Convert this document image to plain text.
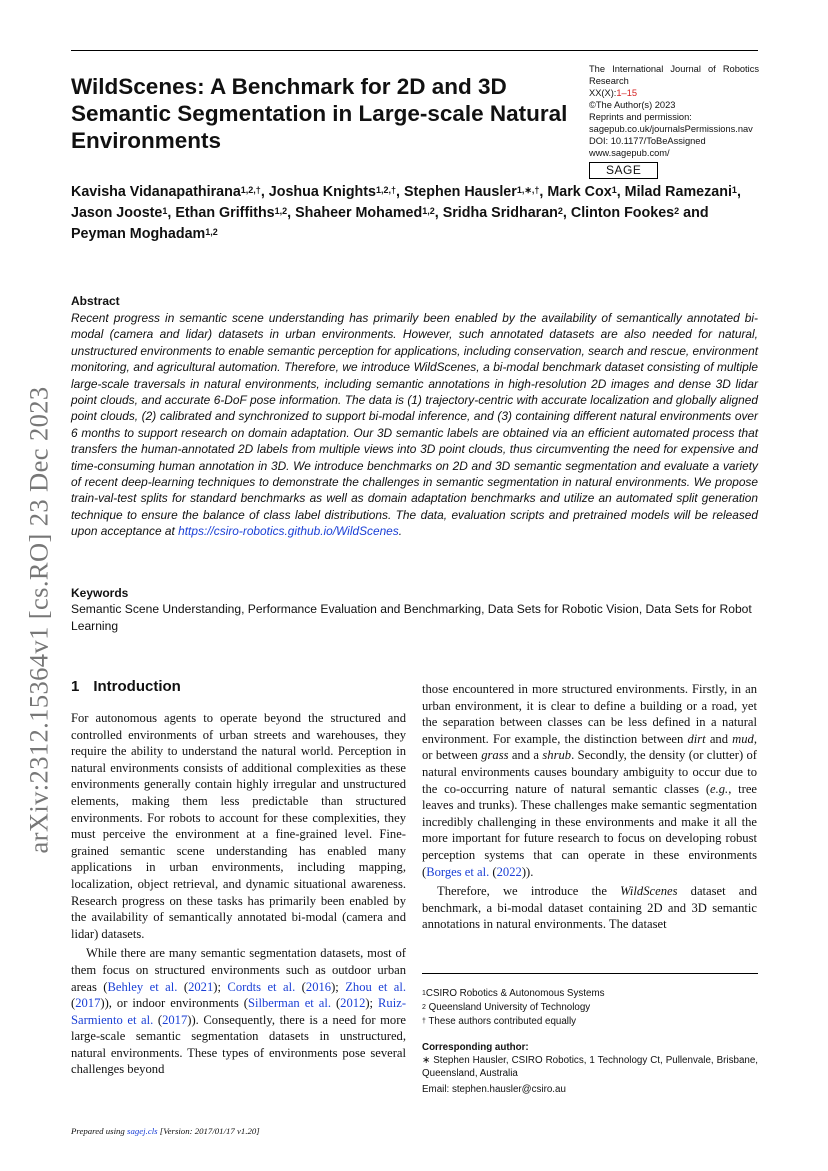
WildScenes: A Benchmark for 2D and 3D Semantic Segmentation in Large-scale Natural Environments
The International Journal of Robotics Research
XX(X):1–15
©The Author(s) 2023
Reprints and permission:
sagepub.co.uk/journalsPermissions.nav
DOI: 10.1177/ToBeAssigned
www.sagepub.com/
SAGE
Kavisha Vidanapathirana$^{1,2,\dagger}$, Joshua Knights$^{1,2,\dagger}$, Stephen Hausler$^{1,∗,\dagger}$, Mark Cox$^1$, Milad Ramezani$^1$, Jason Jooste$^1$, Ethan Griffiths$^{1,2}$, Shaheer Mohamed$^{1,2}$, Sridha Sridharan$^2$, Clinton Fookes$^2$ and Peyman Moghadam$^{1,2}$
arXiv:2312.15364v1 [cs.RO] 23 Dec 2023
Abstract
Recent progress in semantic scene understanding has primarily been enabled by the availability of semantically annotated bi-modal (camera and lidar) datasets in urban environments. However, such annotated datasets are also needed for natural, unstructured environments to enable semantic perception for applications, including conservation, search and rescue, environment monitoring, and agricultural automation. Therefore, we introduce WildScenes, a bi-modal benchmark dataset consisting of multiple large-scale traversals in natural environments, including semantic annotations in high-resolution 2D images and dense 3D lidar point clouds, and accurate 6-DoF pose information. The data is (1) trajectory-centric with accurate localization and globally aligned point clouds, (2) calibrated and synchronized to support bi-modal inference, and (3) containing different natural environments over 6 months to support research on domain adaptation. Our 3D semantic labels are obtained via an efficient automated process that transfers the human-annotated 2D labels from multiple views into 3D point clouds, thus circumventing the need for expensive and time-consuming human annotation in 3D. We introduce benchmarks on 2D and 3D semantic segmentation and evaluate a variety of recent deep-learning techniques to demonstrate the challenges in semantic segmentation in natural environments. We propose train-val-test splits for standard benchmarks as well as domain adaptation benchmarks and utilize an automated split generation technique to ensure the balance of class label distributions. The data, evaluation scripts and pretrained models will be released upon acceptance at https://csiro-robotics.github.io/WildScenes.
Keywords
Semantic Scene Understanding, Performance Evaluation and Benchmarking, Data Sets for Robotic Vision, Data Sets for Robot Learning
1 Introduction

For autonomous agents to operate beyond the structured and controlled environments of urban streets and warehouses, they require the ability to understand the natural world. Perception in natural environments consists of additional complexities as these environments generally contain highly irregular and unstructured elements, making them less predictable than structured environments. For robots to account for these complexities, they must perceive the environment at a fine-grained level. Fine-grained semantic scene understanding has enabled many applications in urban environments, including mapping, localization, object retrieval, and dynamic situational awareness. Research progress on these tasks has primarily been enabled by the availability of semantically annotated bi-modal (camera and lidar) datasets.

While there are many semantic segmentation datasets, most of them focus on structured environments such as outdoor urban areas (Behley et al. (2021); Cordts et al. (2016); Zhou et al. (2017)), or indoor environments (Silberman et al. (2012); Ruiz-Sarmiento et al. (2017)). Consequently, there is a need for more large-scale semantic segmentation datasets in unstructured, natural environments. These types of environments pose several challenges beyond

those encountered in more structured environments. Firstly, in an urban environment, it is clear to define a building or a road, yet the separation between classes can be less defined in a natural environment. For example, the distinction between dirt and mud, or between grass and a shrub. Secondly, the density (or clutter) of natural environments causes boundary ambiguity to occur due to the co-occurring nature of natural semantic classes (e.g., tree leaves and trunks). These challenges make semantic segmentation incredibly challenging in these environments and make it all the more important for future research to focus on developing robust perception systems that can operate in these environments (Borges et al. (2022)).

Therefore, we introduce the WildScenes dataset and benchmark, a bi-modal dataset containing 2D and 3D semantic annotations in natural environments. The dataset

$^1$CSIRO Robotics & Autonomous Systems
$^2$ Queensland University of Technology
† These authors contributed equally
Corresponding author:
∗ Stephen Hausler, CSIRO Robotics, 1 Technology Ct, Pullenvale, Brisbane, Queensland, Australia
Email: stephen.hausler@csiro.au
Prepared using sagej.cls [Version: 2017/01/17 v1.20]
